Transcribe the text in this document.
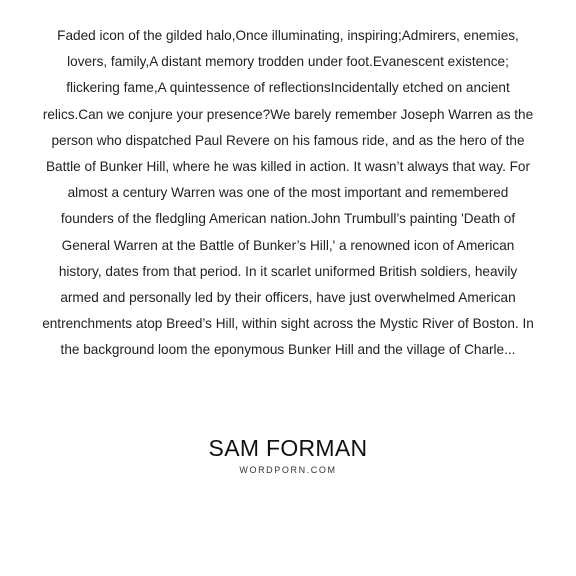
Faded icon of the gilded halo,Once illuminating, inspiring;Admirers, enemies, lovers, family,A distant memory trodden under foot.Evanescent existence; flickering fame,A quintessence of reflectionsIncidentally etched on ancient relics.Can we conjure your presence?We barely remember Joseph Warren as the person who dispatched Paul Revere on his famous ride, and as the hero of the Battle of Bunker Hill, where he was killed in action. It wasn’t always that way. For almost a century Warren was one of the most important and remembered founders of the fledgling American nation.John Trumbull’s painting 'Death of General Warren at the Battle of Bunker’s Hill,' a renowned icon of American history, dates from that period. In it scarlet uniformed British soldiers, heavily armed and personally led by their officers, have just overwhelmed American entrenchments atop Breed’s Hill, within sight across the Mystic River of Boston. In the background loom the eponymous Bunker Hill and the village of Charle...

SAM FORMAN

WORDPORN.COM
